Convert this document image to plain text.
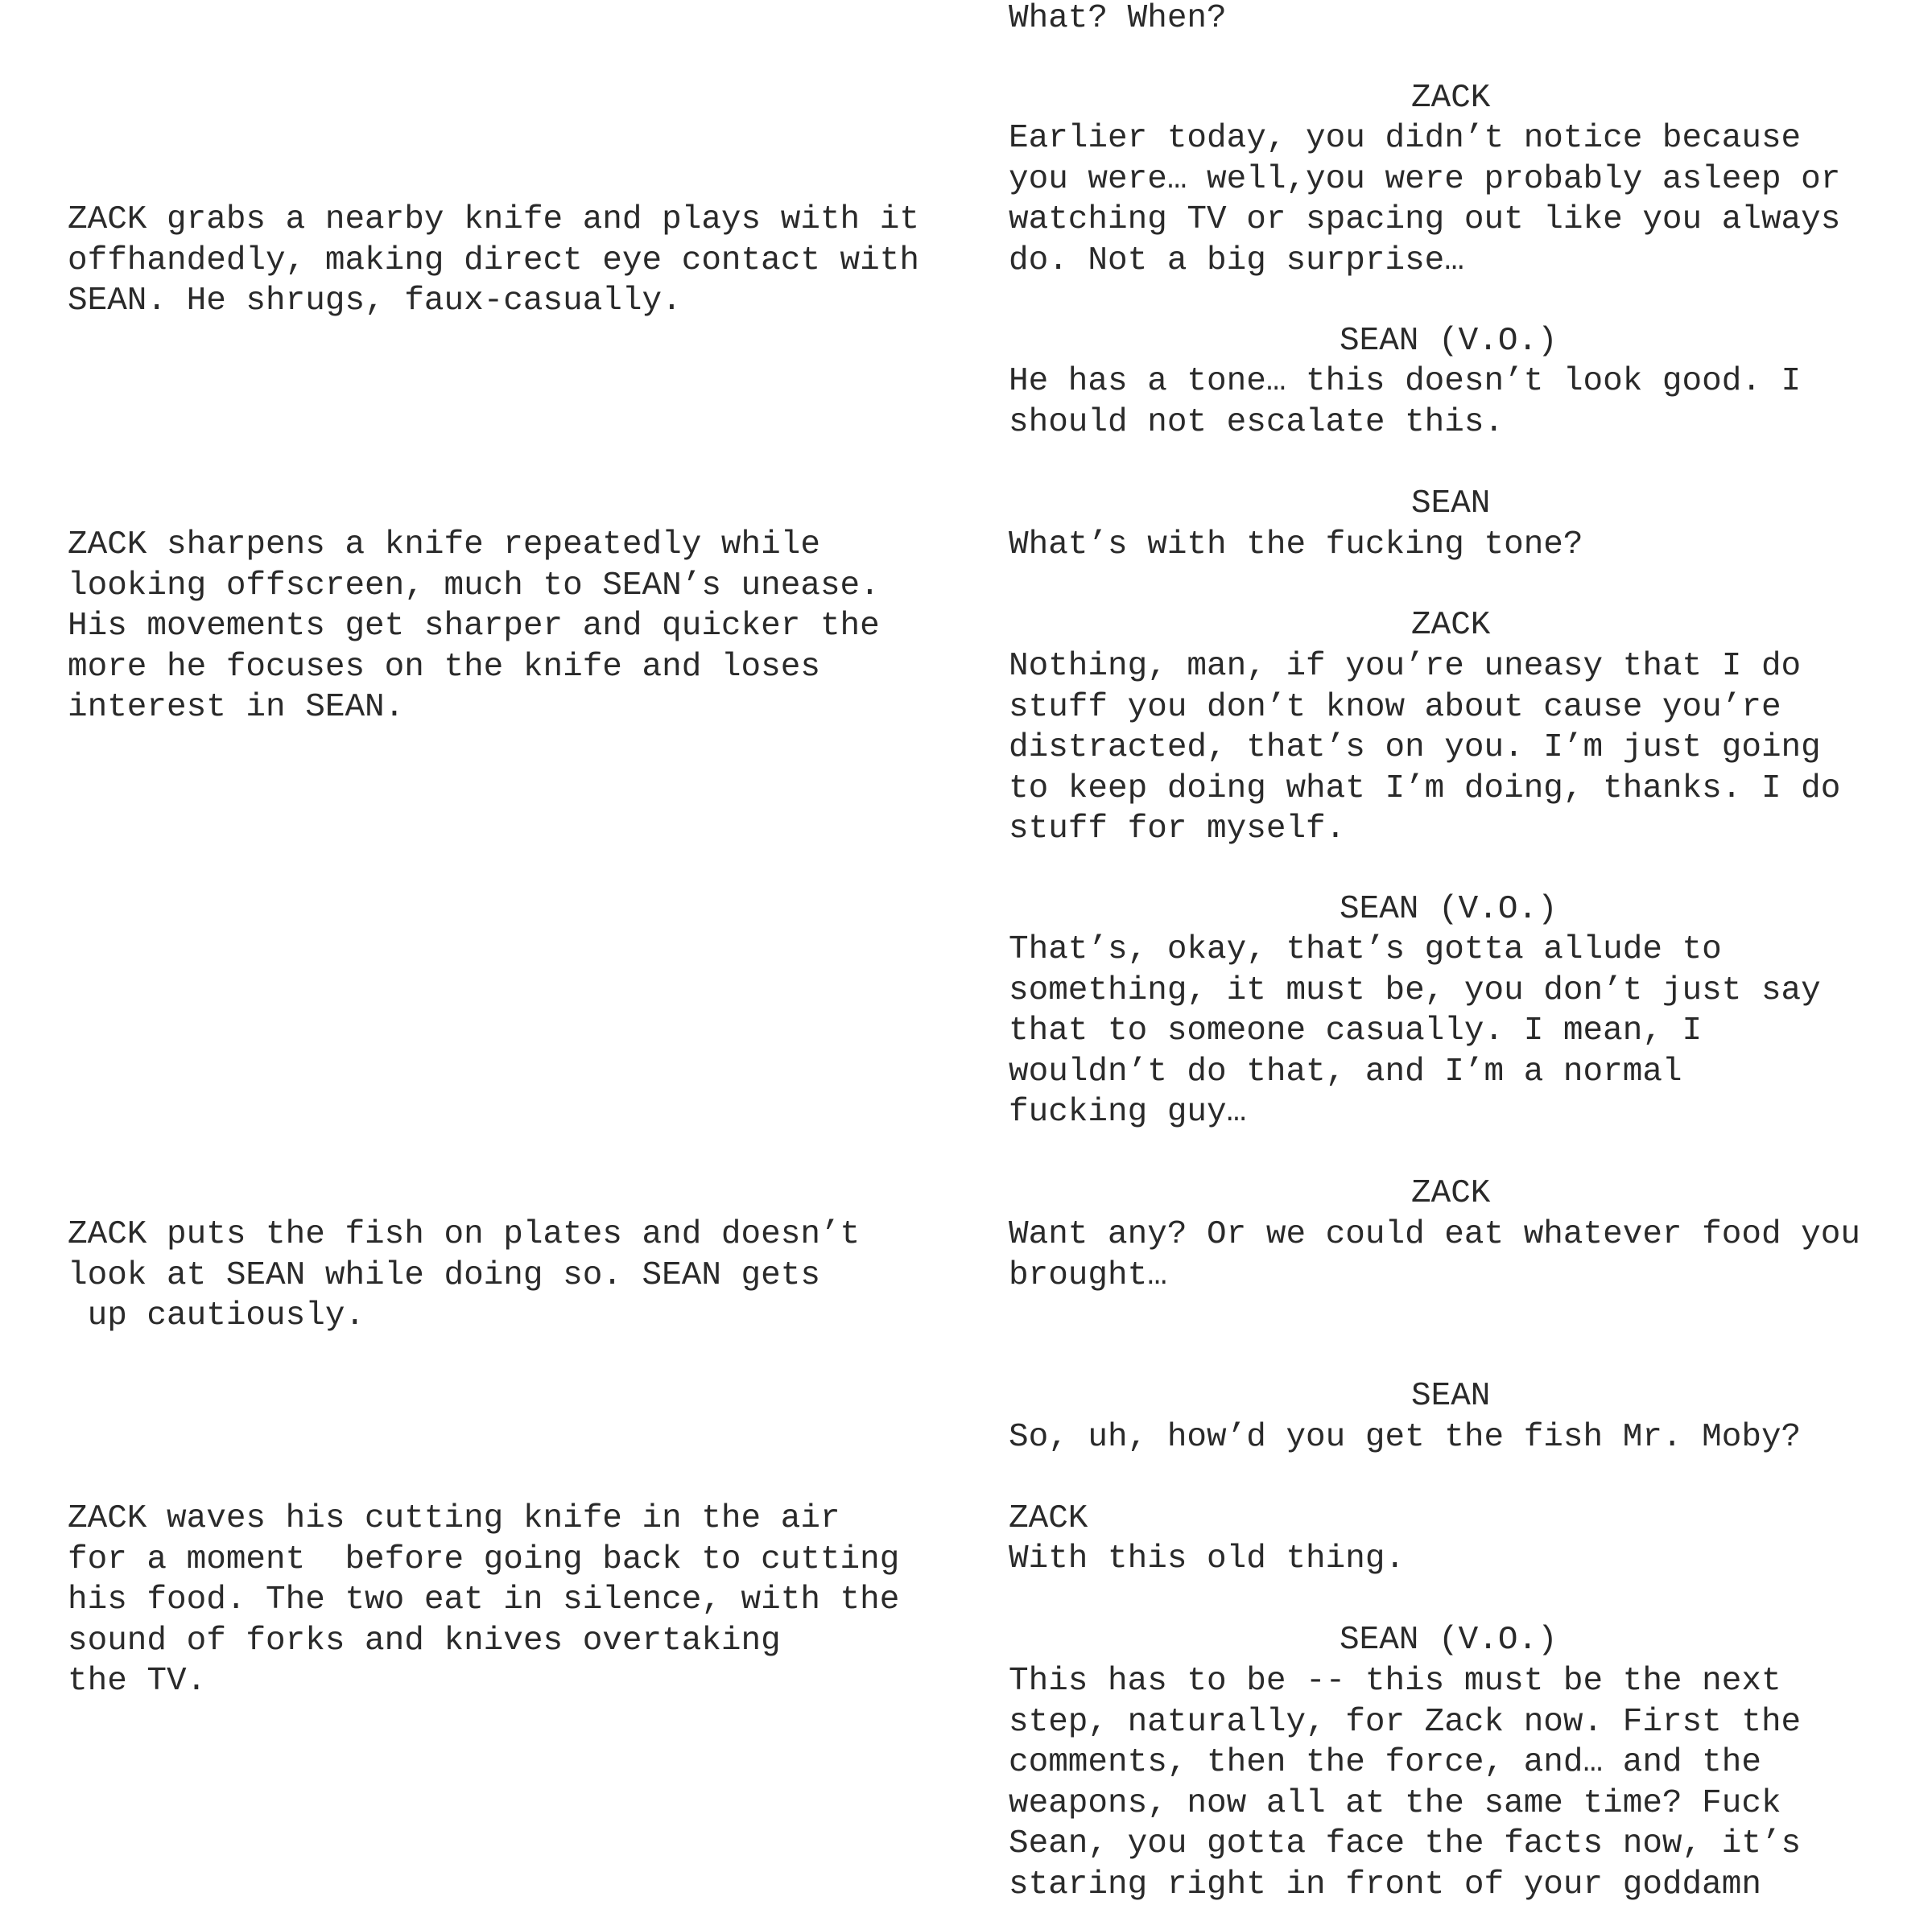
ZACK grabs a nearby knife and plays with it
offhandedly, making direct eye contact with
SEAN. He shrugs, faux-casually.

ZACK sharpens a knife repeatedly while
looking offscreen, much to SEAN’s unease.
His movements get sharper and quicker the
more he focuses on the knife and loses
interest in SEAN.

ZACK puts the fish on plates and doesn’t
look at SEAN while doing so. SEAN gets
up cautiously.

ZACK waves his cutting knife in the air
for a moment  before going back to cutting
his food. The two eat in silence, with the
sound of forks and knives overtaking
the TV.

What? When?

ZACK

Earlier today, you didn’t notice because
you were… well,you were probably asleep or
watching TV or spacing out like you always
do. Not a big surprise…

SEAN (V.O.)

He has a tone… this doesn’t look good. I
should not escalate this.

SEAN

What’s with the fucking tone?

ZACK

Nothing, man, if you’re uneasy that I do
stuff you don’t know about cause you’re
distracted, that’s on you. I’m just going
to keep doing what I’m doing, thanks. I do
stuff for myself.

SEAN (V.O.)

That’s, okay, that’s gotta allude to
something, it must be, you don’t just say
that to someone casually. I mean, I
wouldn’t do that, and I’m a normal
fucking guy…

ZACK

Want any? Or we could eat whatever food you
brought…

SEAN

So, uh, how’d you get the fish Mr. Moby?

ZACK

With this old thing.

SEAN (V.O.)

This has to be -- this must be the next
step, naturally, for Zack now. First the
comments, then the force, and… and the
weapons, now all at the same time? Fuck
Sean, you gotta face the facts now, it’s
staring right in front of your goddamn
